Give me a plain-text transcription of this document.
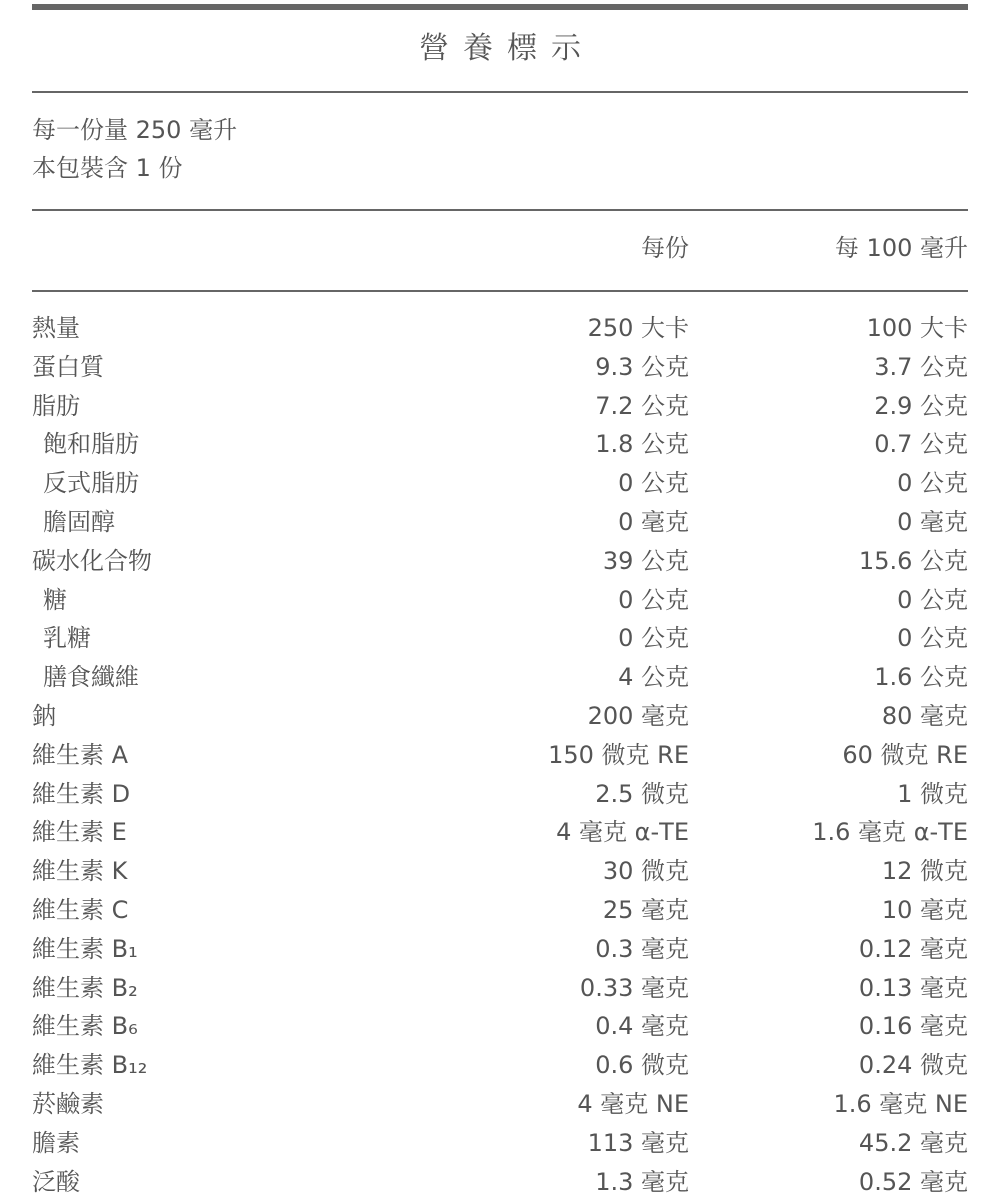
營養標示
每一份量 250 毫升
本包裝含 1 份
每份	每 100 毫升
熱量	250 大卡	100 大卡
蛋白質	9.3 公克	3.7 公克
脂肪	7.2 公克	2.9 公克
飽和脂肪	1.8 公克	0.7 公克
反式脂肪	0 公克	0 公克
膽固醇	0 毫克	0 毫克
碳水化合物	39 公克	15.6 公克
糖	0 公克	0 公克
乳糖	0 公克	0 公克
膳食纖維	4 公克	1.6 公克
鈉	200 毫克	80 毫克
維生素 A	150 微克 RE	60 微克 RE
維生素 D	2.5 微克	1 微克
維生素 E	4 毫克 α-TE	1.6 毫克 α-TE
維生素 K	30 微克	12 微克
維生素 C	25 毫克	10 毫克
維生素 B₁	0.3 毫克	0.12 毫克
維生素 B₂	0.33 毫克	0.13 毫克
維生素 B₆	0.4 毫克	0.16 毫克
維生素 B₁₂	0.6 微克	0.24 微克
菸鹼素	4 毫克 NE	1.6 毫克 NE
膽素	113 毫克	45.2 毫克
泛酸	1.3 毫克	0.52 毫克
